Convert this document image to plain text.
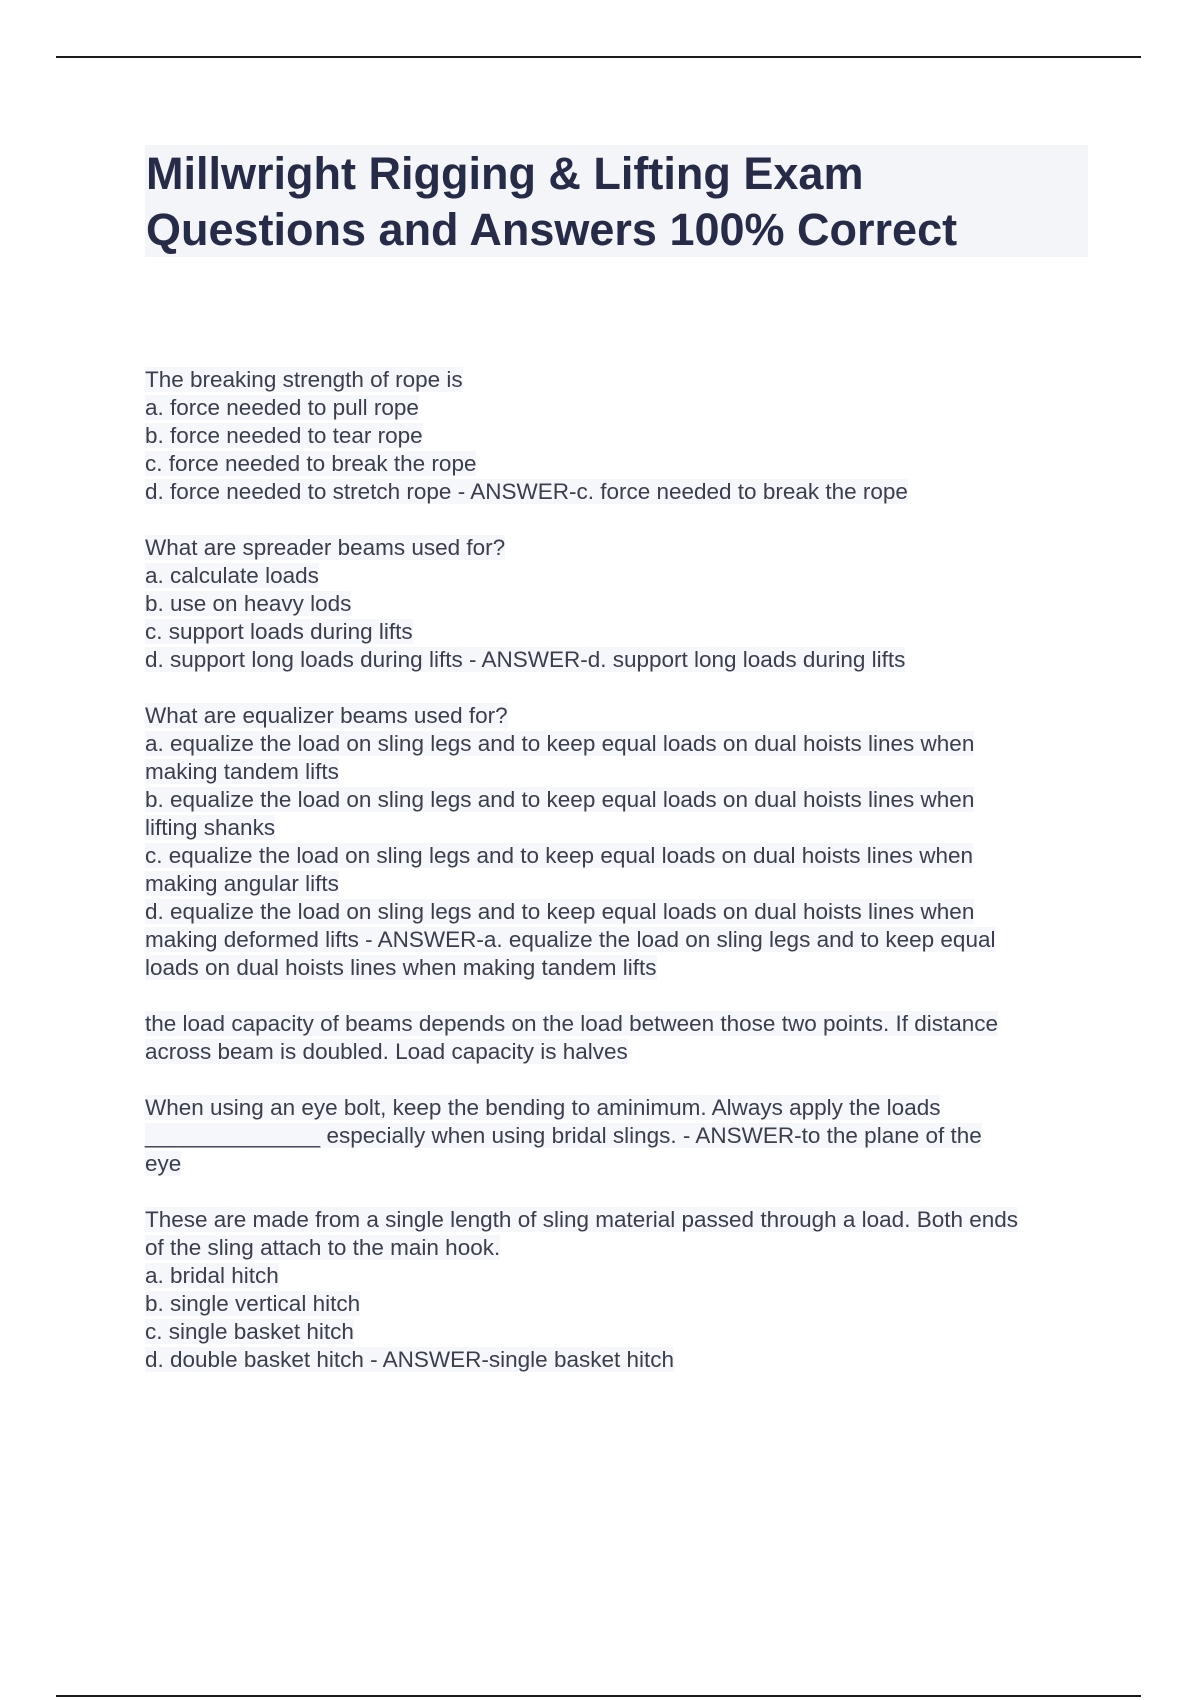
Millwright Rigging & Lifting Exam
Questions and Answers 100% Correct
The breaking strength of rope is
a. force needed to pull rope
b. force needed to tear rope
c. force needed to break the rope
d. force needed to stretch rope - ANSWER-c. force needed to break the rope
What are spreader beams used for?
a. calculate loads
b. use on heavy lods
c. support loads during lifts
d. support long loads during lifts - ANSWER-d. support long loads during lifts
What are equalizer beams used for?
a. equalize the load on sling legs and to keep equal loads on dual hoists lines when
making tandem lifts
b. equalize the load on sling legs and to keep equal loads on dual hoists lines when
lifting shanks
c. equalize the load on sling legs and to keep equal loads on dual hoists lines when
making angular lifts
d. equalize the load on sling legs and to keep equal loads on dual hoists lines when
making deformed lifts - ANSWER-a. equalize the load on sling legs and to keep equal
loads on dual hoists lines when making tandem lifts
the load capacity of beams depends on the load between those two points. If distance
across beam is doubled. Load capacity is halves
When using an eye bolt, keep the bending to aminimum. Always apply the loads
______________ especially when using bridal slings. - ANSWER-to the plane of the
eye
These are made from a single length of sling material passed through a load. Both ends
of the sling attach to the main hook.
a. bridal hitch
b. single vertical hitch
c. single basket hitch
d. double basket hitch - ANSWER-single basket hitch
